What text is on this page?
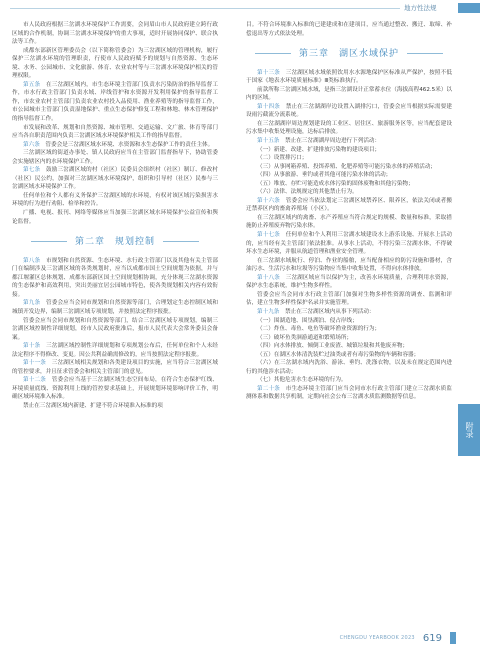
地方性法规

市人民政府根据三岔湖水环境保护工作需要，会同眉山市人民政府建立跨行政区域的合作机制，协调三岔湖水环境保护的重大事项，适时开展协同保护、联合执法等工作。

成都东部新区管理委员会（以下简称管委会）为三岔湖区域的管理机构，履行保护三岔湖水环境的管理职责，行使市人民政府赋予的规划与自然资源、生态环境、水务、公园城市、文化旅游、体育、农业农村等与三岔湖水环境保护相关的管理权限。

第五条　 在三岔湖区域内，市生态环境主管部门负责水污染防治的指导监督工作，市水行政主管部门负责水域、岸线管护和水资源开发利用保护的指导监督工作，市农业农村主管部门负责农业农村投入品使用、渔业养殖等的指导监督工作，市公园城市主管部门负责湿地保护、重点生态保护修复工程和林地、林木管理保护的指导监督工作。

市发展和改革、规划和自然资源、城市管理、交通运输、文广旅、体育等部门应当各自职责范围内负责三岔湖区域水环境保护相关工作的指导监督。

第六条　 管委会是三岔湖区域水环境、水资源和水生态保护工作的责任主体。

三岔湖区域的街道办事处、镇人民政府应当在主管部门监督指导下，协助管委会实施辖区内的水环境保护工作。

第七条　 鼓励三岔湖区域的村（社区）民委员会组织村（社区）制订、修改村（社区）民公约，加强对三岔湖区域水环境保护，组织和引导村（社区）民参与三岔湖区域水环境保护工作。

任何单位和个人都有义务保护三岔湖区域的水环境，有权对该区域污染损害水环境的行为进行劝阻、检举和控告。

广播、电视、报刊、网络等媒体应当加强三岔湖区域水环境保护公益宣传和舆论监督。

第二章　规划控制

第八条　 市规划和自然资源、生态环境、水行政主管部门以及其他有关主管部门在编制涉及三岔湖区域的各类规划时，应当以成都市国土空间规划为依据，并与都江堰灌区总体规划、成都东部新区国土空间规划相协调，充分体现三岔湖水资源的生态保护和高效利用，突出美丽宜居公园城市特色，使各类规划相关内容有效衔接。

第九条　 管委会应当会同市规划和自然资源等部门，合理划定生态控制区域和城镇开发边界，编制三岔湖区域专项规划，并按照法定程序报批。

管委会应当会同市规划和自然资源等部门，结合三岔湖区域专项规划，编制三岔湖区域控制性详细规划，经市人民政府批准后，报市人民代表大会常务委员会备案。

第十条　 三岔湖区域控制性详细规划和专项规划公布后，任何单位和个人未经法定程序不得修改、变更。因公共利益确需修改的，应当按照法定程序报批。

第十一条　 三岔湖区域相关规划和各类建设项目的实施，应当符合三岔湖区域的管控要求，并且征求管委会和相关主管部门的意见。

第十二条　 管委会应当基于三岔湖区域生态空间布局，在符合生态保护红线、环境质量底线、资源利用上线的管控要求基础上，开展规划环境影响评价工作，明确区域环境准入标准。

禁止在三岔湖区域内新建、扩建不符合环境准入标准的项

目。不符合环境准入标准的已建建成和在建项目，应当通过整改、搬迁、取缔、补偿退出等方式依法处理。

第三章　湖区水域保护

第十三条　 三岔湖区域水域依照饮用水水源地保护区标准从严保护，按照不低于国家《地表水环境质量标准》Ⅲ类标准执行。

前款所称三岔湖区域水域，是指三岔湖设计正常蓄水位（海拔高程462.5米）以内的区域。

第十四条　 禁止在三岔湖湖岸边设置入湖排污口，管委会应当根据实际需要建设雨污截流分流系统。

在三岔湖湖岸周边规划建设的工业区、居住区、旅游服务区等，应当配套建设污水集中收集处理设施，达标后排放。

第十五条　 禁止在三岔湖湖岸周边进行下列活动：

（一）新建、改建、扩建排放污染物的建设项目；

（二）设置排污口；

（三）从事网箱养殖、投饵养殖、化肥养殖等可能污染水体的养殖活动；

（四）从事旅游、垂钓或者其他可能污染水体的活动；

（五）堆放、存贮可能造成水体污染的固体废物和其他污染物；

（六）法律、法规规定的其他禁止行为。

第十六条　 管委会应当依法划定三岔湖区域禁养区、限养区，依法关闭或者搬迁禁养区内的畜禽养殖场（小区）。

在三岔湖区域内的禽畜、水产养殖应当符合规定的规模、数量和标准，采取措施防止养殖废弃物污染水体。

第十七条　 任何单位和个人利用三岔湖水域建设水上游乐设施、开展水上活动的，应当经有关主管部门依法批准。从事水上活动，不得污染三岔湖水体，不得破坏水生态环境，并服从航道管理和渔业安全管理。

在三岔湖水域航行、停泊、作业的船舶，应当配备相应的防污设施和器材，含油污水、生活污水和垃圾等污染物应当集中收集处置，不得向水体排放。

第十八条　 三岔湖区域应当以保护为主，改善水环境质量，合理利用水资源，保护水生态系统，维护生物多样性。

管委会应当会同市水行政主管部门加强对生物多样性资源的调查、监测和评估，建立生物多样性保护名录并实施管理。

第十九条　 禁止在三岔湖区域内从事下列活动：

（一）围湖造地、围垦湖泊、侵占岸线；

（二）炸鱼、毒鱼、电鱼等破坏渔业资源的行为；

（三）破坏鱼类洄游通道和繁殖场所；

（四）向水体排放、倾倒工业废渣、城镇垃圾和其他废弃物；

（五）在湖区水体清洗装贮过油类或者有毒污染物的车辆和容器；

（六）在三岔湖水域内洗浴、游泳、垂钓、洗涤衣物，以及未在规定范围内进行的其他涉水活动；

（七）其他危害水生态环境的行为。

第二十条　 市生态环境主管部门应当会同市水行政主管部门建立三岔湖水质监测体系和数据共享机制，定期向社会公布三岔湖水质监测数据等信息。

附录
CHENGDU YEARBOOK 2023 619
